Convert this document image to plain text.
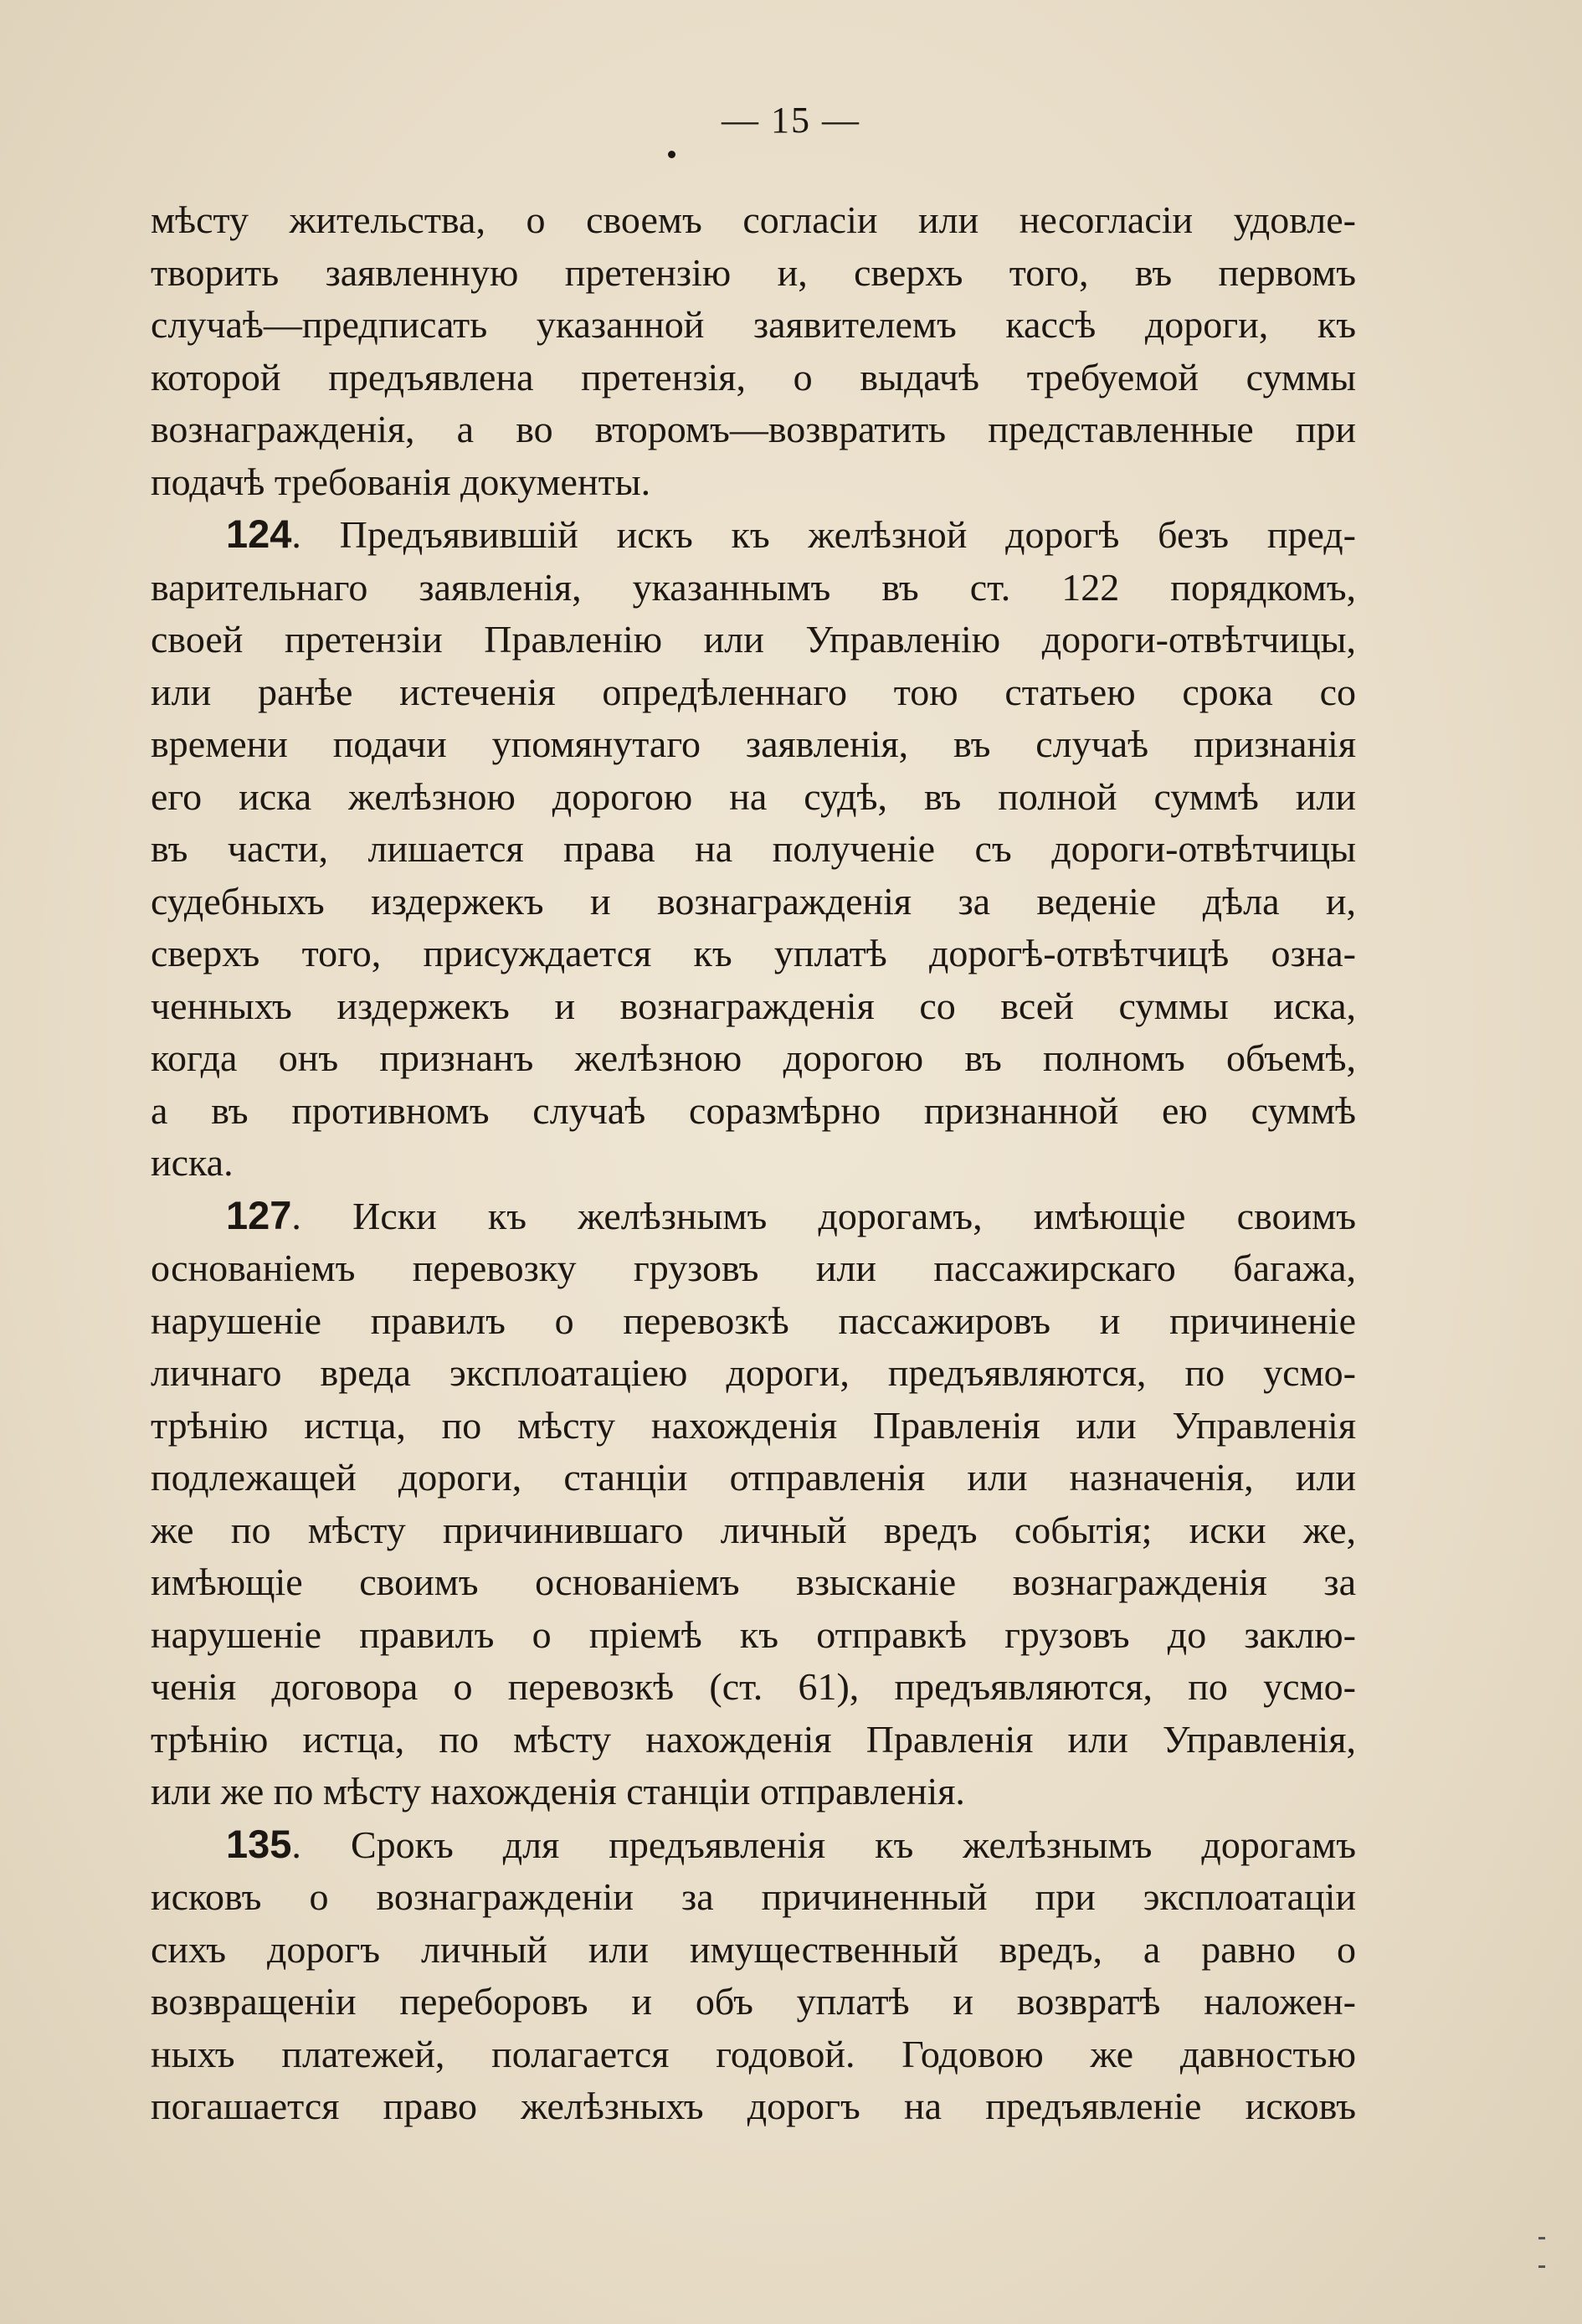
— 15 —

мѣсту жительства, о своемъ согласіи или несогласіи удовле-
творить заявленную претензію и, сверхъ того, въ первомъ
случаѣ—предписать указанной заявителемъ кассѣ дороги, къ
которой предъявлена претензія, о выдачѣ требуемой суммы
вознагражденія, а во второмъ—возвратить представленные при
подачѣ требованія документы.

124. Предъявившій искъ къ желѣзной дорогѣ безъ пред-
варительнаго заявленія, указаннымъ въ ст. 122 порядкомъ,
своей претензіи Правленію или Управленію дороги-отвѣтчицы,
или ранѣе истеченія опредѣленнаго тою статьею срока со
времени подачи упомянутаго заявленія, въ случаѣ признанія
его иска желѣзною дорогою на судѣ, въ полной суммѣ или
въ части, лишается права на полученіе съ дороги-отвѣтчицы
судебныхъ издержекъ и вознагражденія за веденіе дѣла и,
сверхъ того, присуждается къ уплатѣ дорогѣ-отвѣтчицѣ озна-
ченныхъ издержекъ и вознагражденія со всей суммы иска,
когда онъ признанъ желѣзною дорогою въ полномъ объемѣ,
а въ противномъ случаѣ соразмѣрно признанной ею суммѣ
иска.

127. Иски къ желѣзнымъ дорогамъ, имѣющіе своимъ
основаніемъ перевозку грузовъ или пассажирскаго багажа,
нарушеніе правилъ о перевозкѣ пассажировъ и причиненіе
личнаго вреда эксплоатаціею дороги, предъявляются, по усмо-
трѣнію истца, по мѣсту нахожденія Правленія или Управленія
подлежащей дороги, станціи отправленія или назначенія, или
же по мѣсту причинившаго личный вредъ событія; иски же,
имѣющіе своимъ основаніемъ взысканіе вознагражденія за
нарушеніе правилъ о пріемѣ къ отправкѣ грузовъ до заклю-
ченія договора о перевозкѣ (ст. 61), предъявляются, по усмо-
трѣнію истца, по мѣсту нахожденія Правленія или Управленія,
или же по мѣсту нахожденія станціи отправленія.

135. Срокъ для предъявленія къ желѣзнымъ дорогамъ
исковъ о вознагражденіи за причиненный при эксплоатаціи
сихъ дорогъ личный или имущественный вредъ, а равно о
возвращеніи переборовъ и объ уплатѣ и возвратѣ наложен-
ныхъ платежей, полагается годовой. Годовою же давностью
погашается право желѣзныхъ дорогъ на предъявленіе исковъ
